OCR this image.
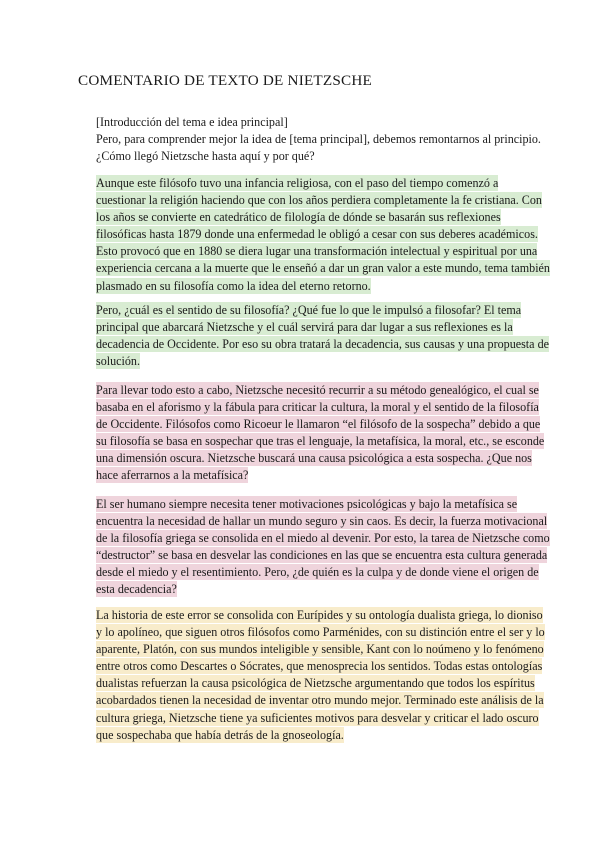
COMENTARIO DE TEXTO DE NIETZSCHE
[Introducción del tema e idea principal]
Pero, para comprender mejor la idea de [tema principal], debemos remontarnos al principio.
¿Cómo llegó Nietzsche hasta aquí y por qué?
Aunque este filósofo tuvo una infancia religiosa, con el paso del tiempo comenzó a
cuestionar la religión haciendo que con los años perdiera completamente la fe cristiana. Con
los años se convierte en catedrático de filología de dónde se basarán sus reflexiones
filosóficas hasta 1879 donde una enfermedad le obligó a cesar con sus deberes académicos.
Esto provocó que en 1880 se diera lugar una transformación intelectual y espiritual por una
experiencia cercana a la muerte que le enseñó a dar un gran valor a este mundo, tema también
plasmado en su filosofía como la idea del eterno retorno.
Pero, ¿cuál es el sentido de su filosofía? ¿Qué fue lo que le impulsó a filosofar? El tema
principal que abarcará Nietzsche y el cuál servirá para dar lugar a sus reflexiones es la
decadencia de Occidente. Por eso su obra tratará la decadencia, sus causas y una propuesta de
solución.
Para llevar todo esto a cabo, Nietzsche necesitó recurrir a su método genealógico, el cual se
basaba en el aforismo y la fábula para criticar la cultura, la moral y el sentido de la filosofía
de Occidente. Filósofos como Ricoeur le llamaron “el filósofo de la sospecha” debido a que
su filosofía se basa en sospechar que tras el lenguaje, la metafísica, la moral, etc., se esconde
una dimensión oscura. Nietzsche buscará una causa psicológica a esta sospecha. ¿Que nos
hace aferrarnos a la metafísica?
El ser humano siempre necesita tener motivaciones psicológicas y bajo la metafísica se
encuentra la necesidad de hallar un mundo seguro y sin caos. Es decir, la fuerza motivacional
de la filosofía griega se consolida en el miedo al devenir. Por esto, la tarea de Nietzsche como
“destructor” se basa en desvelar las condiciones en las que se encuentra esta cultura generada
desde el miedo y el resentimiento. Pero, ¿de quién es la culpa y de donde viene el origen de
esta decadencia?
La historia de este error se consolida con Eurípides y su ontología dualista griega, lo dioniso
y lo apolíneo, que siguen otros filósofos como Parménides, con su distinción entre el ser y lo
aparente, Platón, con sus mundos inteligible y sensible, Kant con lo noúmeno y lo fenómeno
entre otros como Descartes o Sócrates, que menosprecia los sentidos. Todas estas ontologías
dualistas refuerzan la causa psicológica de Nietzsche argumentando que todos los espíritus
acobardados tienen la necesidad de inventar otro mundo mejor. Terminado este análisis de la
cultura griega, Nietzsche tiene ya suficientes motivos para desvelar y criticar el lado oscuro
que sospechaba que había detrás de la gnoseología.
